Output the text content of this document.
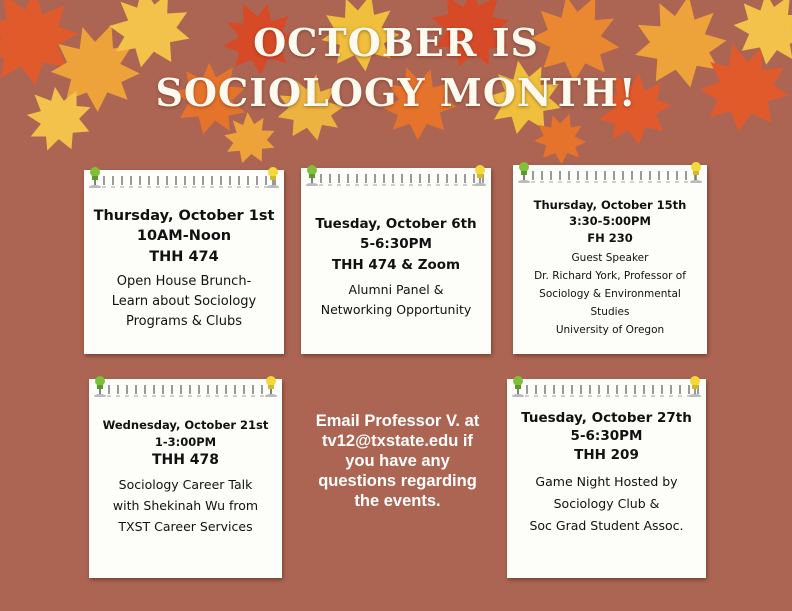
OCTOBER IS
SOCIOLOGY MONTH!
Thursday, October 1st
10AM-Noon
THH 474
Open House Brunch-
Learn about Sociology
Programs & Clubs
Tuesday, October 6th
5-6:30PM
THH 474 & Zoom
Alumni Panel &
Networking Opportunity
Thursday, October 15th
3:30-5:00PM
FH 230
Guest Speaker
Dr. Richard York, Professor of
Sociology & Environmental
Studies
University of Oregon
Wednesday, October 21st
1-3:00PM
THH 478
Sociology Career Talk
with Shekinah Wu from
TXST Career Services
Email Professor V. at
tv12@txstate.edu if
you have any
questions regarding
the events.
Tuesday, October 27th
5-6:30PM
THH 209
Game Night Hosted by
Sociology Club &
Soc Grad Student Assoc.
